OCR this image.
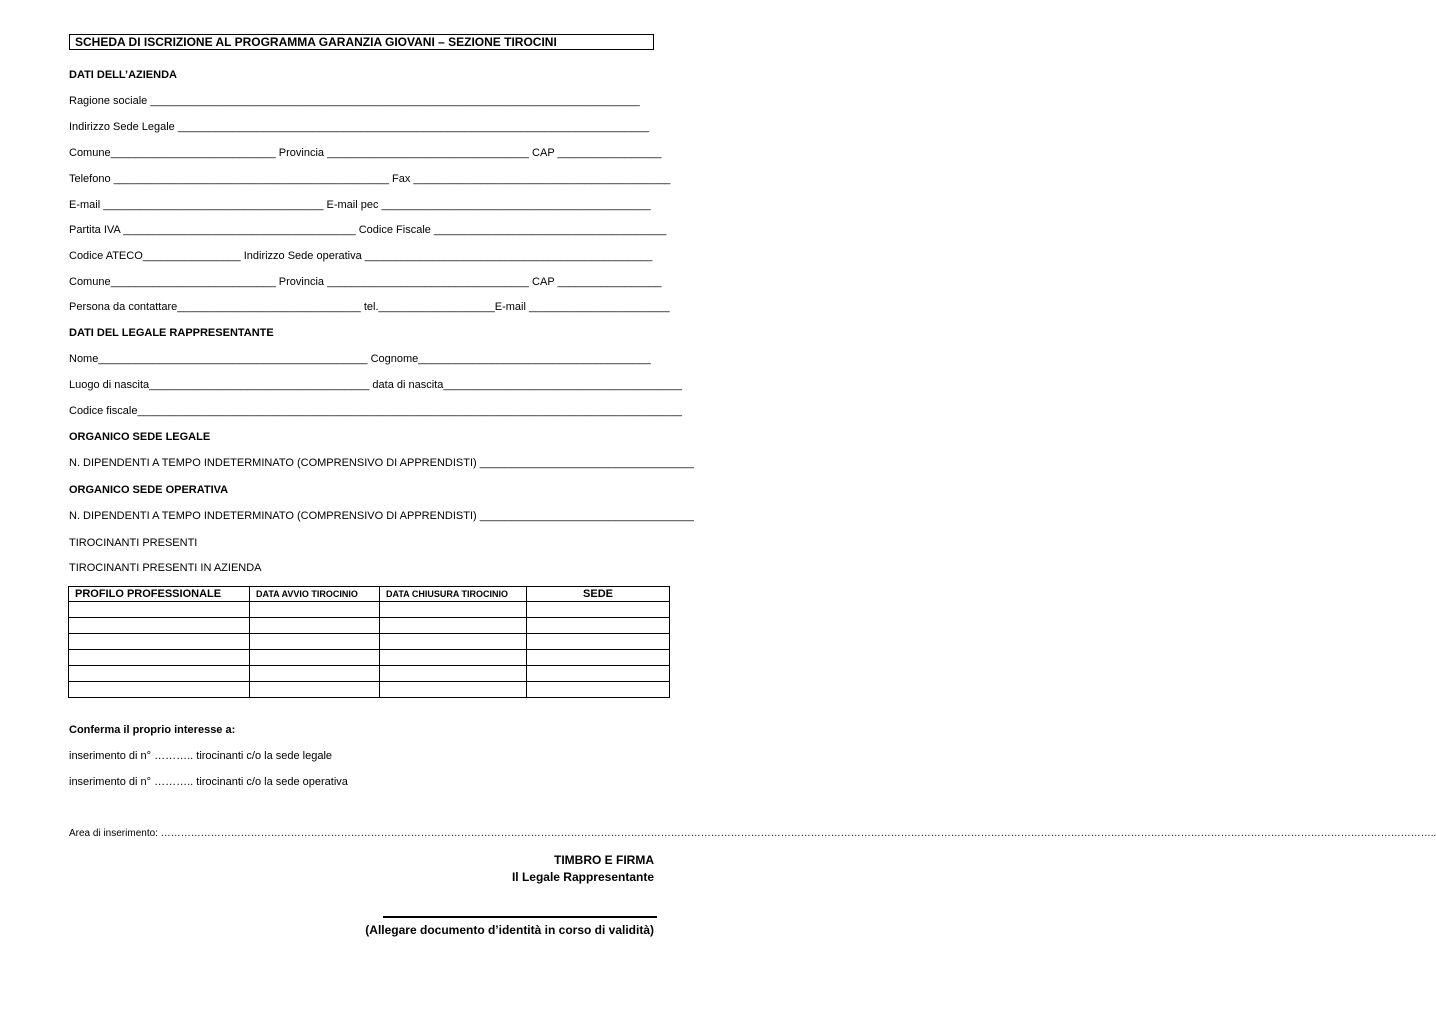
SCHEDA DI ISCRIZIONE AL PROGRAMMA GARANZIA GIOVANI – SEZIONE TIROCINI
DATI DELL’AZIENDA
Ragione sociale ________________________________________________________________________________
Indirizzo Sede Legale _____________________________________________________________________________
Comune___________________________ Provincia _________________________________ CAP _________________
Telefono _____________________________________________ Fax __________________________________________
E-mail ____________________________________ E-mail pec ____________________________________________
Partita IVA ______________________________________ Codice Fiscale ______________________________________
Codice ATECO________________ Indirizzo Sede operativa _______________________________________________
Comune___________________________ Provincia _________________________________ CAP _________________
Persona da contattare______________________________ tel.___________________E-mail _______________________
DATI DEL LEGALE RAPPRESENTANTE
Nome____________________________________________ Cognome______________________________________
Luogo di nascita____________________________________ data di nascita_______________________________________
Codice fiscale_________________________________________________________________________________________
ORGANICO SEDE LEGALE
N. DIPENDENTI A TEMPO INDETERMINATO (COMPRENSIVO DI APPRENDISTI) ___________________________________
ORGANICO SEDE OPERATIVA
N. DIPENDENTI A TEMPO INDETERMINATO (COMPRENSIVO DI APPRENDISTI) ___________________________________
TIROCINANTI PRESENTI
TIROCINANTI PRESENTI IN AZIENDA
PROFILO PROFESSIONALE	DATA AVVIO TIROCINIO	DATA CHIUSURA TIROCINIO	SEDE

Conferma il proprio interesse a:
inserimento di n° ……….. tirocinanti c/o la sede legale
inserimento di n° ……….. tirocinanti c/o la sede operativa
Area di inserimento: …………………………………………………………………………………………………………………………………………………………………………………………………………………………………………………………………………………………………………………………………………………..
TIMBRO E FIRMA
Il Legale Rappresentante
(Allegare documento d’identità in corso di validità)
